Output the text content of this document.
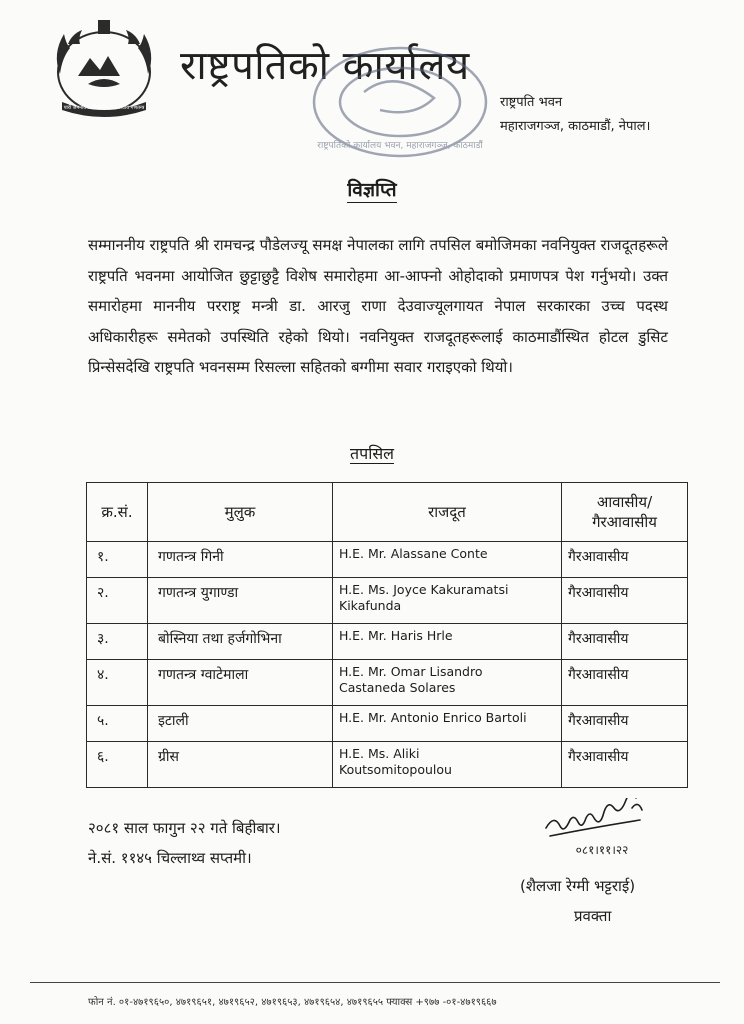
पारी जननायक लोकतन्त्रात्मक संघीय गणतन्त्र
राष्ट्रपतिको कार्यालय
राष्ट्रपतिको कार्यालय भवन, महाराजगञ्ज, काठमाडौं
राष्ट्रपति भवन
महाराजगञ्ज, काठमाडौं, नेपाल।
विज्ञप्ति
सम्माननीय राष्ट्रपति श्री रामचन्द्र पौडेलज्यू समक्ष नेपालका लागि तपसिल बमोजिमका नवनियुक्त राजदूतहरूले राष्ट्रपति भवनमा आयोजित छुट्टाछुट्टै विशेष समारोहमा आ-आफ्नो ओहोदाको प्रमाणपत्र पेश गर्नुभयो। उक्त समारोहमा माननीय परराष्ट्र मन्त्री डा. आरजु राणा देउवाज्यूलगायत नेपाल सरकारका उच्च पदस्थ अधिकारीहरू समेतको उपस्थिति रहेको थियो। नवनियुक्त राजदूतहरूलाई काठमाडौंस्थित होटल डुसिट प्रिन्सेसदेखि राष्ट्रपति भवनसम्म रिसल्ला सहितको बग्गीमा सवार गराइएको थियो।
तपसिल
क्र.सं.	मुलुक	राजदूत	आवासीय/
गैरआवासीय

१.	गणतन्त्र गिनी	H.E. Mr. Alassane Conte	गैरआवासीय
२.	गणतन्त्र युगाण्डा	H.E. Ms. Joyce Kakuramatsi
Kikafunda	गैरआवासीय
३.	बोस्निया तथा हर्जगोभिना	H.E. Mr. Haris Hrle	गैरआवासीय
४.	गणतन्त्र ग्वाटेमाला	H.E. Mr. Omar Lisandro
Castaneda Solares	गैरआवासीय
५.	इटाली	H.E. Mr. Antonio Enrico Bartoli	गैरआवासीय
६.	ग्रीस	H.E. Ms. Aliki
Koutsomitopoulou	गैरआवासीय
२०८१ साल फागुन २२ गते बिहीबार।
ने.सं. ११४५ चिल्लाथ्व सप्तमी।	०८१।११।२२
(शैलजा रेग्मी भट्टराई)
प्रवक्ता
फोन नं. ०१-४७१९६५०, ४७१९६५१, ४७१९६५२, ४७१९६५३, ४७१९६५४, ४७१९६५५ फ्याक्स +९७७ -०१-४७१९६६७
